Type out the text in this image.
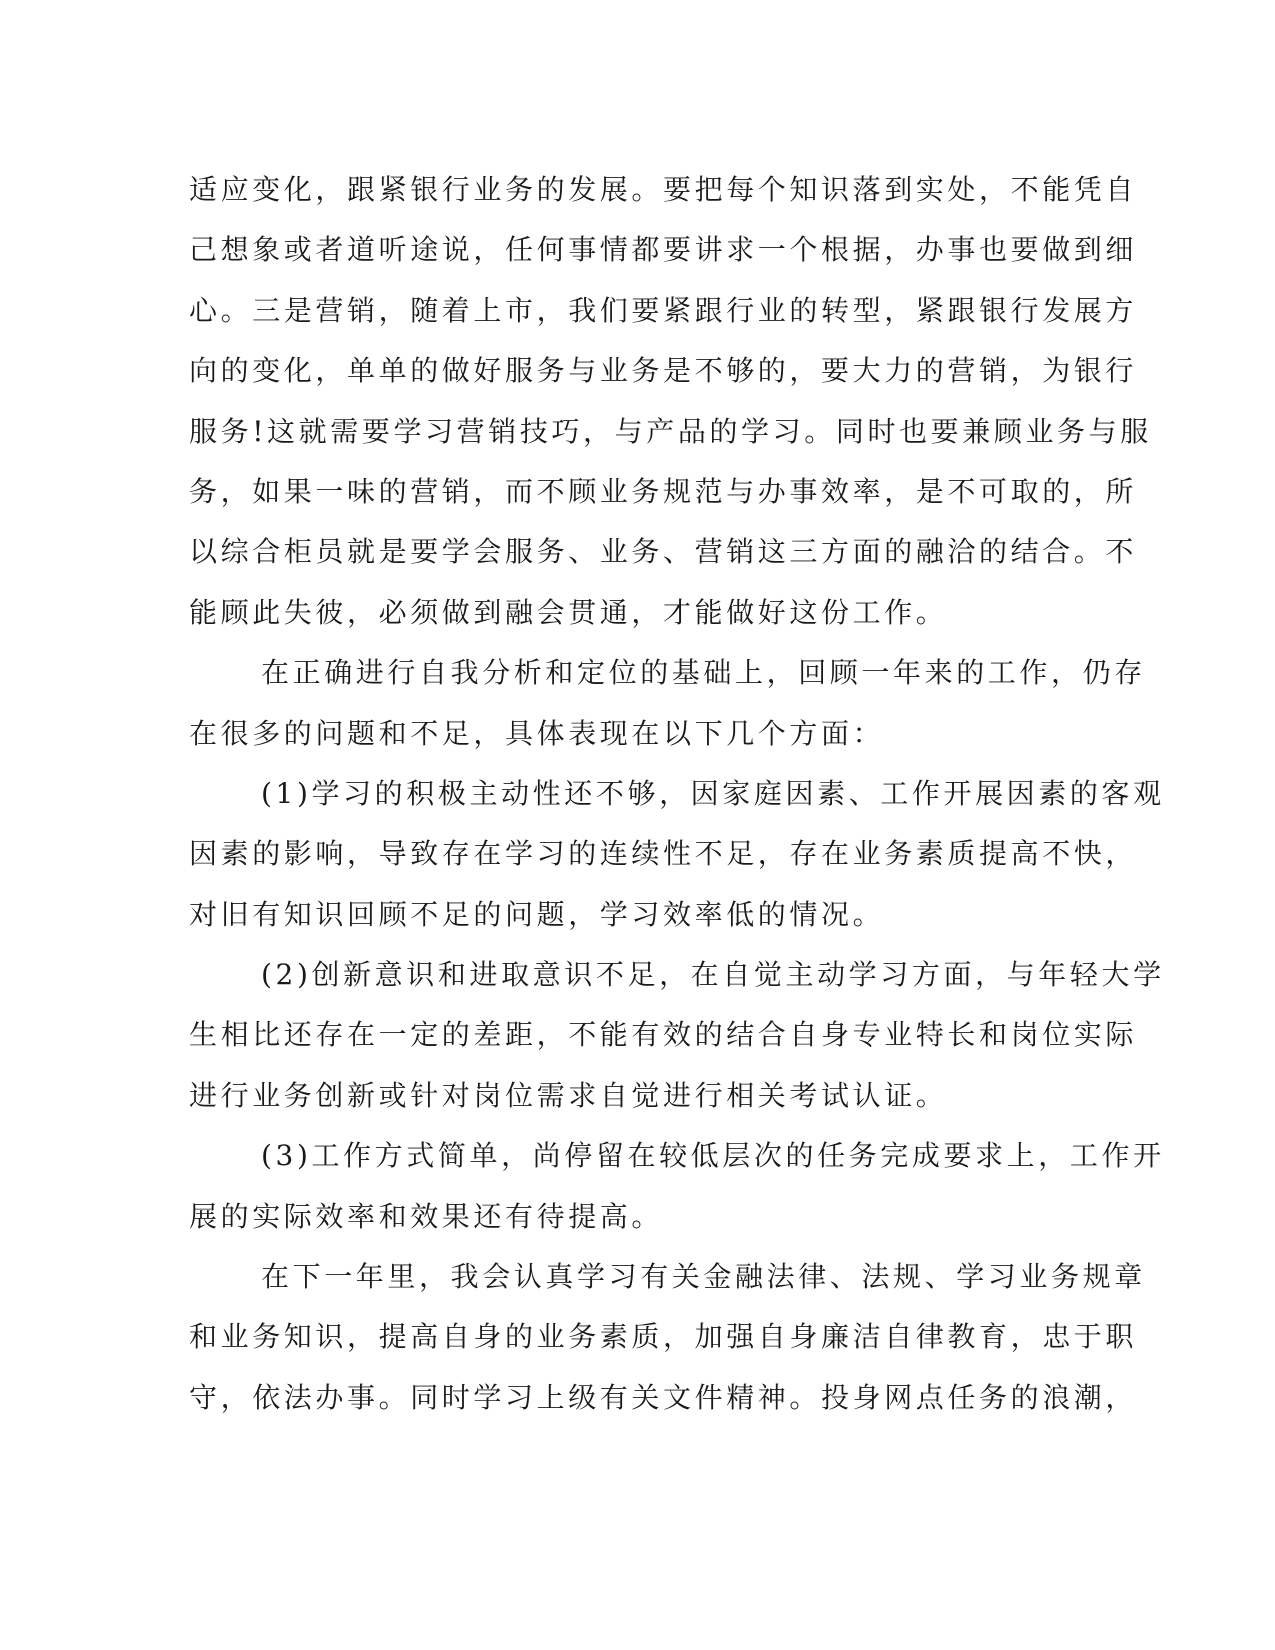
适应变化，跟紧银行业务的发展。要把每个知识落到实处，不能凭自
己想象或者道听途说，任何事情都要讲求一个根据，办事也要做到细
心。三是营销，随着上市，我们要紧跟行业的转型，紧跟银行发展方
向的变化，单单的做好服务与业务是不够的，要大力的营销，为银行
服务!这就需要学习营销技巧，与产品的学习。同时也要兼顾业务与服
务，如果一味的营销，而不顾业务规范与办事效率，是不可取的，所
以综合柜员就是要学会服务、业务、营销这三方面的融洽的结合。不
能顾此失彼，必须做到融会贯通，才能做好这份工作。

在正确进行自我分析和定位的基础上，回顾一年来的工作，仍存
在很多的问题和不足，具体表现在以下几个方面：

(1)学习的积极主动性还不够，因家庭因素、工作开展因素的客观
因素的影响，导致存在学习的连续性不足，存在业务素质提高不快，
对旧有知识回顾不足的问题，学习效率低的情况。

(2)创新意识和进取意识不足，在自觉主动学习方面，与年轻大学
生相比还存在一定的差距，不能有效的结合自身专业特长和岗位实际
进行业务创新或针对岗位需求自觉进行相关考试认证。

(3)工作方式简单，尚停留在较低层次的任务完成要求上，工作开
展的实际效率和效果还有待提高。

在下一年里，我会认真学习有关金融法律、法规、学习业务规章
和业务知识，提高自身的业务素质，加强自身廉洁自律教育，忠于职
守，依法办事。同时学习上级有关文件精神。投身网点任务的浪潮，
